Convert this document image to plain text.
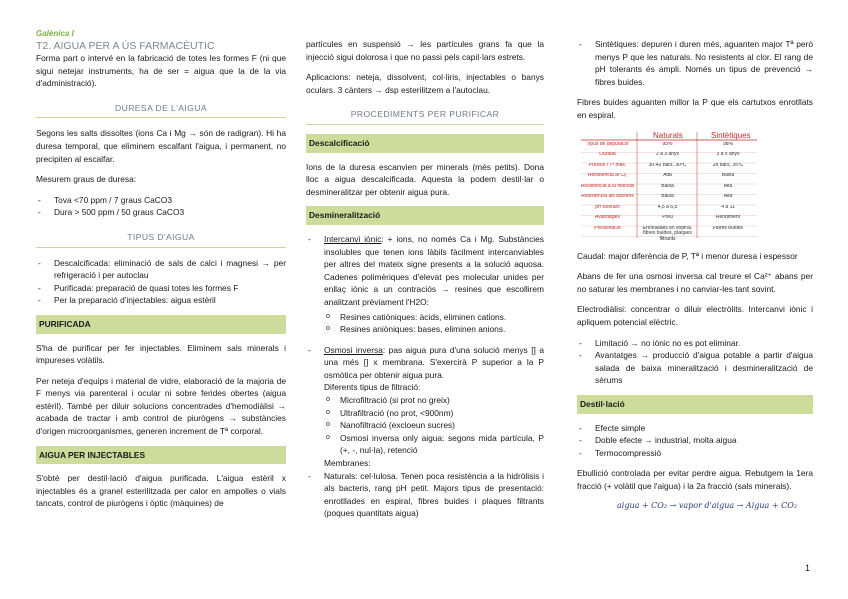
Galènica I
T2. AIGUA PER A ÚS FARMACÈUTIC

Forma part o intervé en la fabricació de totes les formes F (ni que sigui netejar instruments, ha de ser = aigua que la de la via d'administració).

DURESA DE L'AIGUA

Segons les salts dissoltes (ions Ca i Mg → són de radigran). Hi ha duresa temporal, que eliminem escalfant l'aigua, i permanent, no precipiten al escalfar.

Mesurem graus de duresa:

- Tova <70 ppm / 7 graus CaCO3
- Dura > 500 ppm / 50 graus CaCO3
TIPUS D'AIGUA
- Descalcificada: eliminació de sals de calci i magnesi → per refrigeració i per autoclau
- Purificada: preparació de quasi totes les formes F
- Per la preparació d'injectables: aigua estèril
PURIFICADA

S'ha de purificar per fer injectables. Eliminem sals minerals i impureses volàtils.

Per neteja d'equips i material de vidre, elaboració de la majoria de F menys via parenteral i ocular ni sobre ferides obertes (aigua estèril). També per diluir solucions concentrades d'hemodiàlisi → acabada de tractar i amb control de piurògens → substàncies d'origen microorganismes, generen increment de Tª corporal.

AIGUA PER INJECTABLES

S'obté per destil·lació d'aigua purificada. L'aigua estèril x injectables és a granel esterilitzada per calor en ampolles o vials tancats, control de piurògens i òptic (màquines) de

partícules en suspensió → les partícules grans fa que la injecció sigui dolorosa i que no passi pels capil·lars estrets.

Aplicacions: neteja, dissolvent, col·liris, injectables o banys oculars. 3 cànters → dsp esterilitzem a l'autoclau.

PROCEDIMENTS PER PURIFICAR
Descalcificació

Ions de la duresa escanvien per minerals (més petits). Dona lloc a aigua descalcificada. Aquesta la podem destil·lar o desmineralitzar per obtenir aigua pura.

Desmineralització
- Intercanvi iònic: + ions, no només Ca i Mg. Substàncies insolubles que tenen ions làbils fàcilment intercanviables per altres del mateix signe presents a la solució aquosa. Cadenes polimèriques d'elevat pes molecular unides per enllaç iònic a un contraciós → resines que escollirem analitzant prèviament l'H2O:
o Resines catiòniques: àcids, eliminen cations.
o Resines aniòniques: bases, eliminen anions.
- Osmosi inversa: pas aigua pura d'una solució menys [] a una més [] x membrana. S'exercirà P superior a la P osmòtica per obtenir aigua pura.
Diferents tipus de filtració:
o Microfiltració (si prot no greix)
o Ultrafiltració (no prot, <900nm)
o Nanofiltració (excloeun sucres)
o Osmosi inversa only aigua: segons mida partícula, P (+, -, nul·la), retenció
Membranes:
- Naturals: cel·lulosa. Tenen poca resistència a la hidròlisis i als bacteris, rang pH petit. Majors tipus de presentació: enrotllades en espiral, fibres buides i plaques filtrants (poques quantitats aigua)
- Sintètiques: depuren i duren més, aguanten major Tª però menys P que les naturals. No resistents al clor. El rang de pH tolerants és ampli. Només un tipus de prevenció → fibres buides.

Fibres buides aguanten millor la P que els cartutxos enrotllats en espiral.

Naturals	Sintètiques
Tipus de depuració	95%	98%
Durada	2 a 3 anys	3 a 5 anys
Pressió i Tª màx.	30-42 bars, 30ºC	28 bars, 35ºC
Resistència al Cl₂	Alta	Baixa
Resistència a la hidròlisi	Baixa	Alta
Resistència als bacteris	Baixa	Alta
pH tolerant	4,5 a 6,5	4 a 11
Avantatges	Preu	Rendiment
Presentació	Enrotllades en espiral, fibres buides, plaques filtrants
Fibres buides

Caudal: major diferència de P, Tª i menor duresa i espessor

Abans de fer una osmosi inversa cal treure el Ca²⁺ abans per no saturar les membranes i no canviar-les tant sovint.

Electrodiàlisi: concentrar o diluir electròlits. Intercanvi iònic i apliquem potencial elèctric.

- Limitació → no iònic no es pot eliminar.
- Avantatges → producció d'aigua potable a partir d'aigua salada de baixa mineralització i desmineralització de sèrums
Destil·lació
- Efecte simple
- Doble efecte → industrial, molta aigua
- Termocompressió

Ebullició controlada per evitar perdre aigua. Rebutgem la 1era fracció (+ volàtil que l'aigua) i la 2a fracció (sals minerals).

aigua + CO₂ → vapor d'aigua → Aigua + CO₂
1
